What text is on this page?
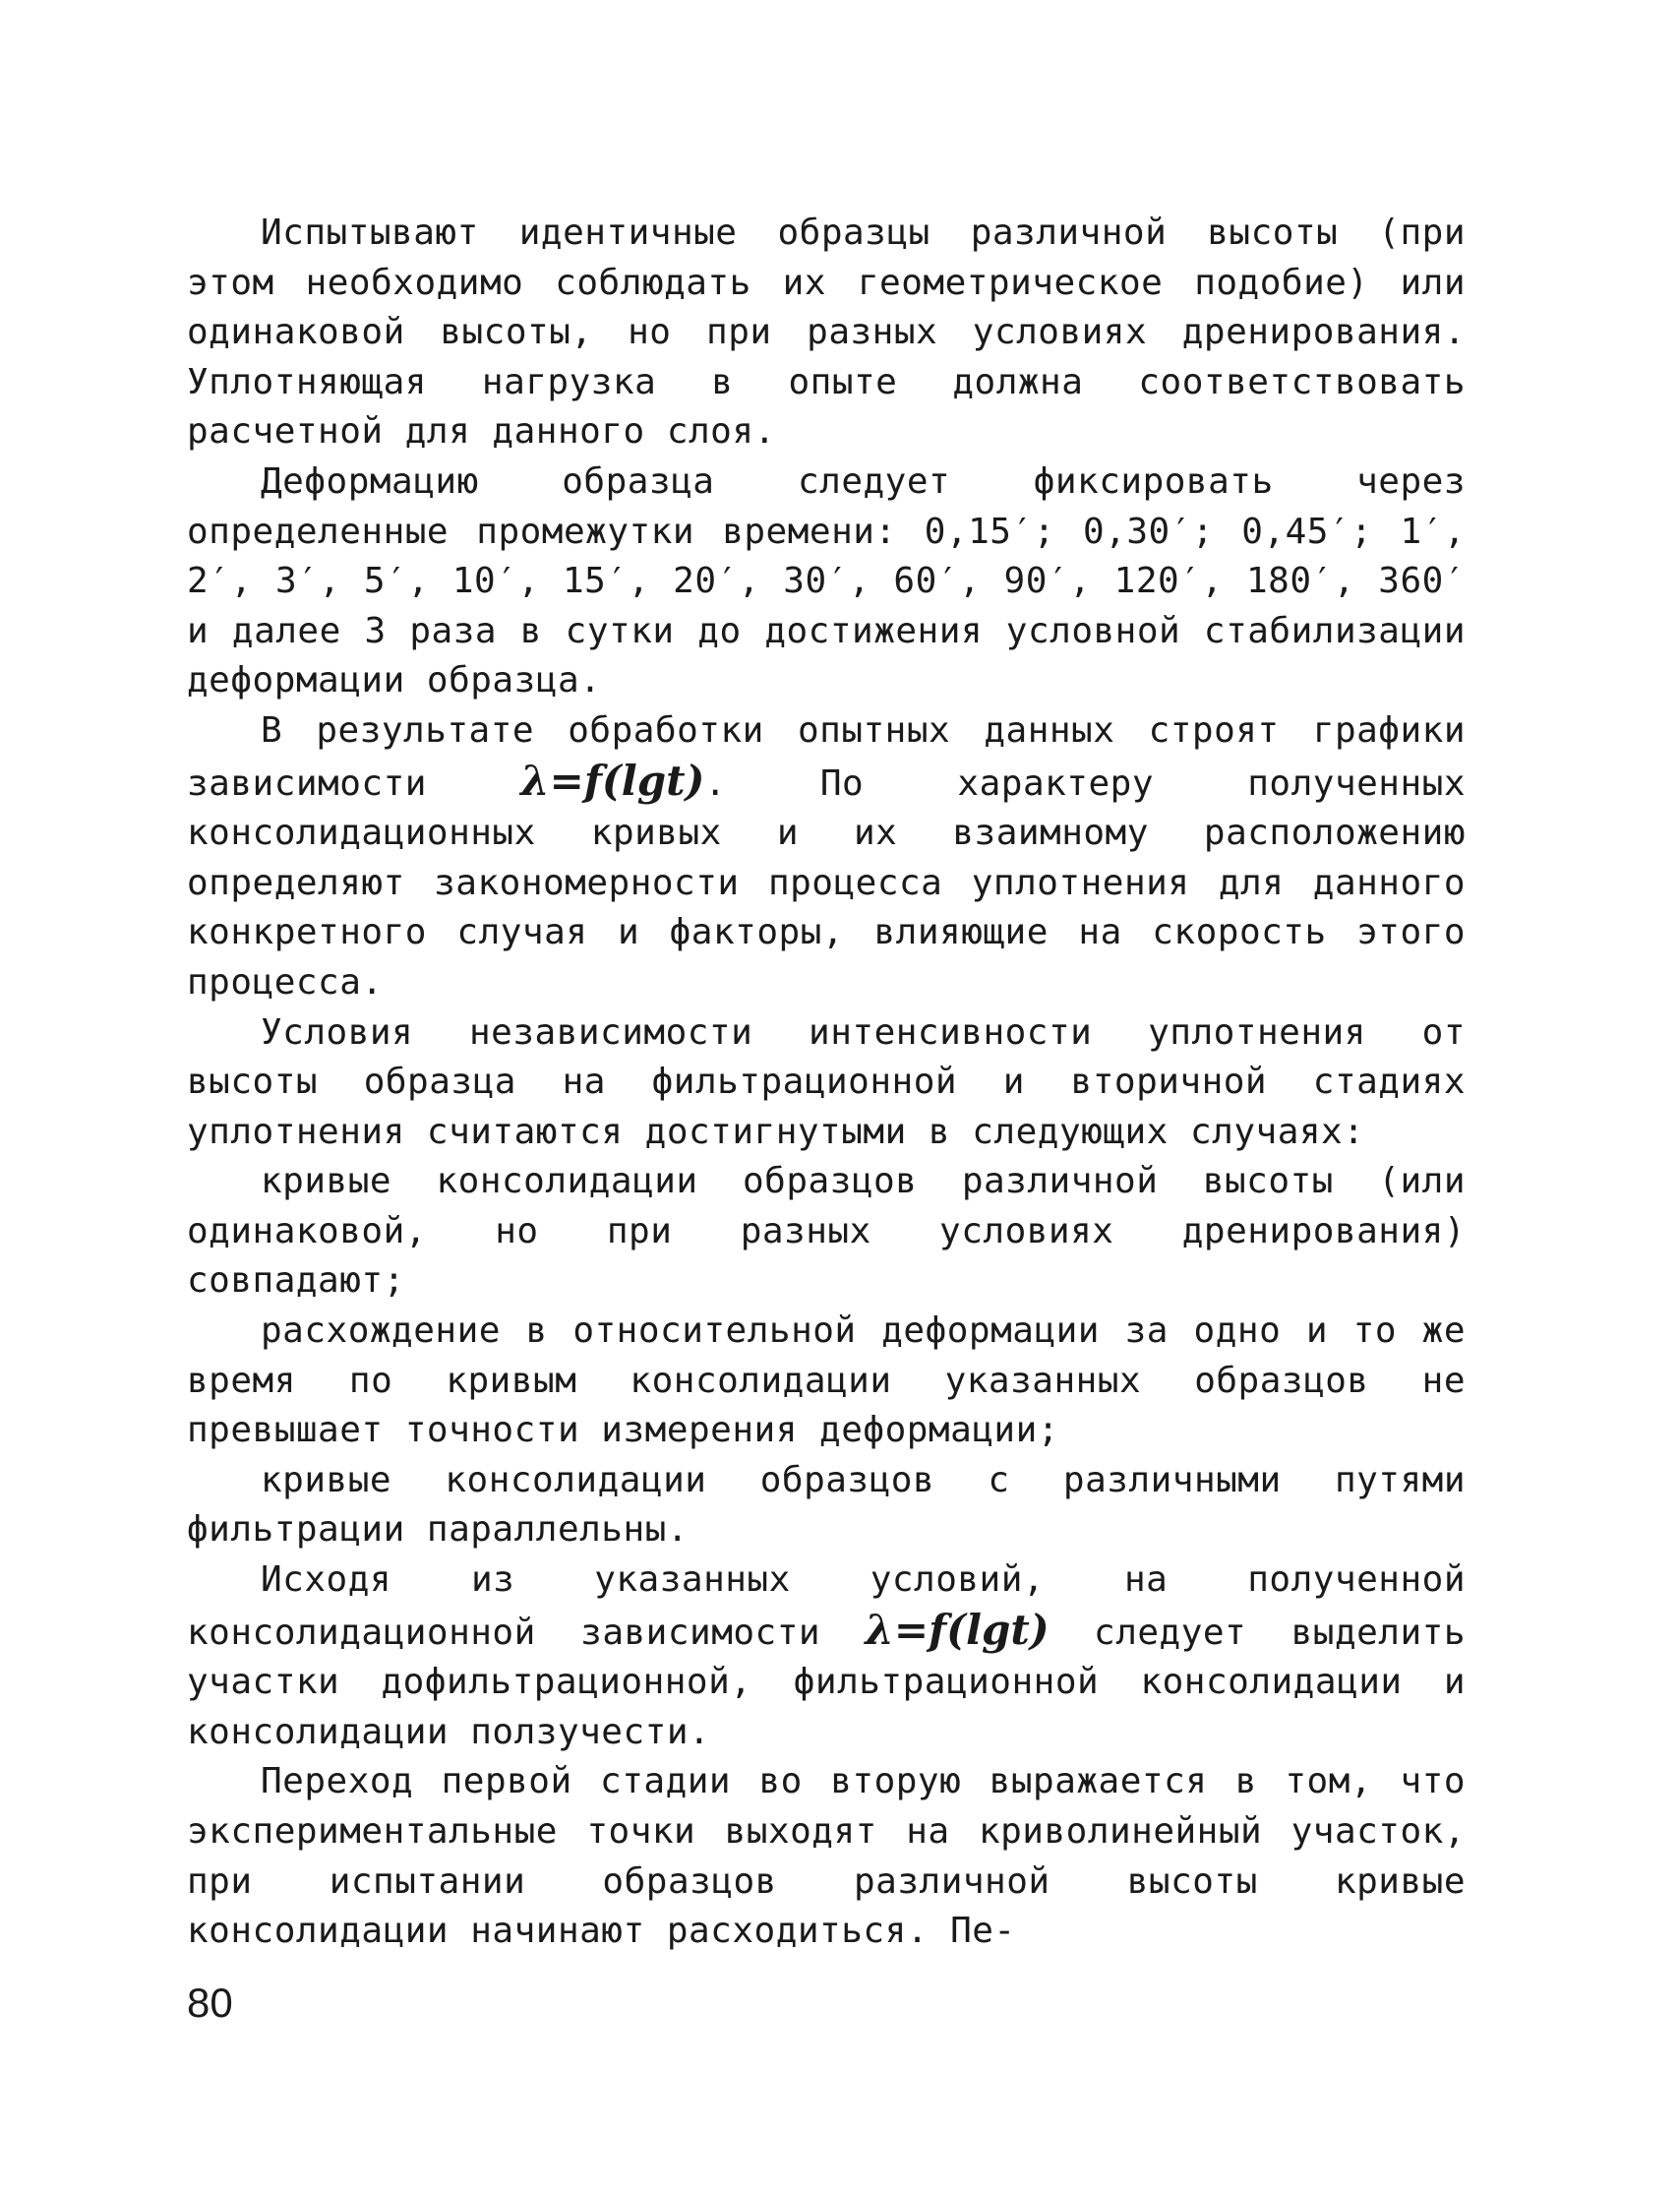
Испытывают идентичные образцы различной высоты (при этом необходимо соблюдать их геометрическое подобие) или одинаковой высоты, но при разных условиях дренирования. Уплотняющая нагрузка в опыте должна соответствовать расчетной для данного слоя.

Деформацию образца следует фиксировать через определенные промежутки времени: 0,15′; 0,30′; 0,45′; 1′, 2′, 3′, 5′, 10′, 15′, 20′, 30′, 60′, 90′, 120′, 180′, 360′ и далее 3 раза в сутки до достижения условной стабилизации деформации образца.

В результате обработки опытных данных строят графики зависимости λ=f(lgt). По характеру полученных консолидационных кривых и их взаимному расположению определяют закономерности процесса уплотнения для данного конкретного случая и факторы, влияющие на скорость этого процесса.

Условия независимости интенсивности уплотнения от высоты образца на фильтрационной и вторичной стадиях уплотнения считаются достигнутыми в следующих случаях:

кривые консолидации образцов различной высоты (или одинаковой, но при разных условиях дренирования) совпадают;

расхождение в относительной деформации за одно и то же время по кривым консолидации указанных образцов не превышает точности измерения деформации;

кривые консолидации образцов с различными путями фильтрации параллельны.

Исходя из указанных условий, на полученной консолидационной зависимости λ=f(lgt) следует выделить участки дофильтрационной, фильтрационной консолидации и консолидации ползучести.

Переход первой стадии во вторую выражается в том, что экспериментальные точки выходят на криволинейный участок, при испытании образцов различной высоты кривые консолидации начинают расходиться. Пе-

80
